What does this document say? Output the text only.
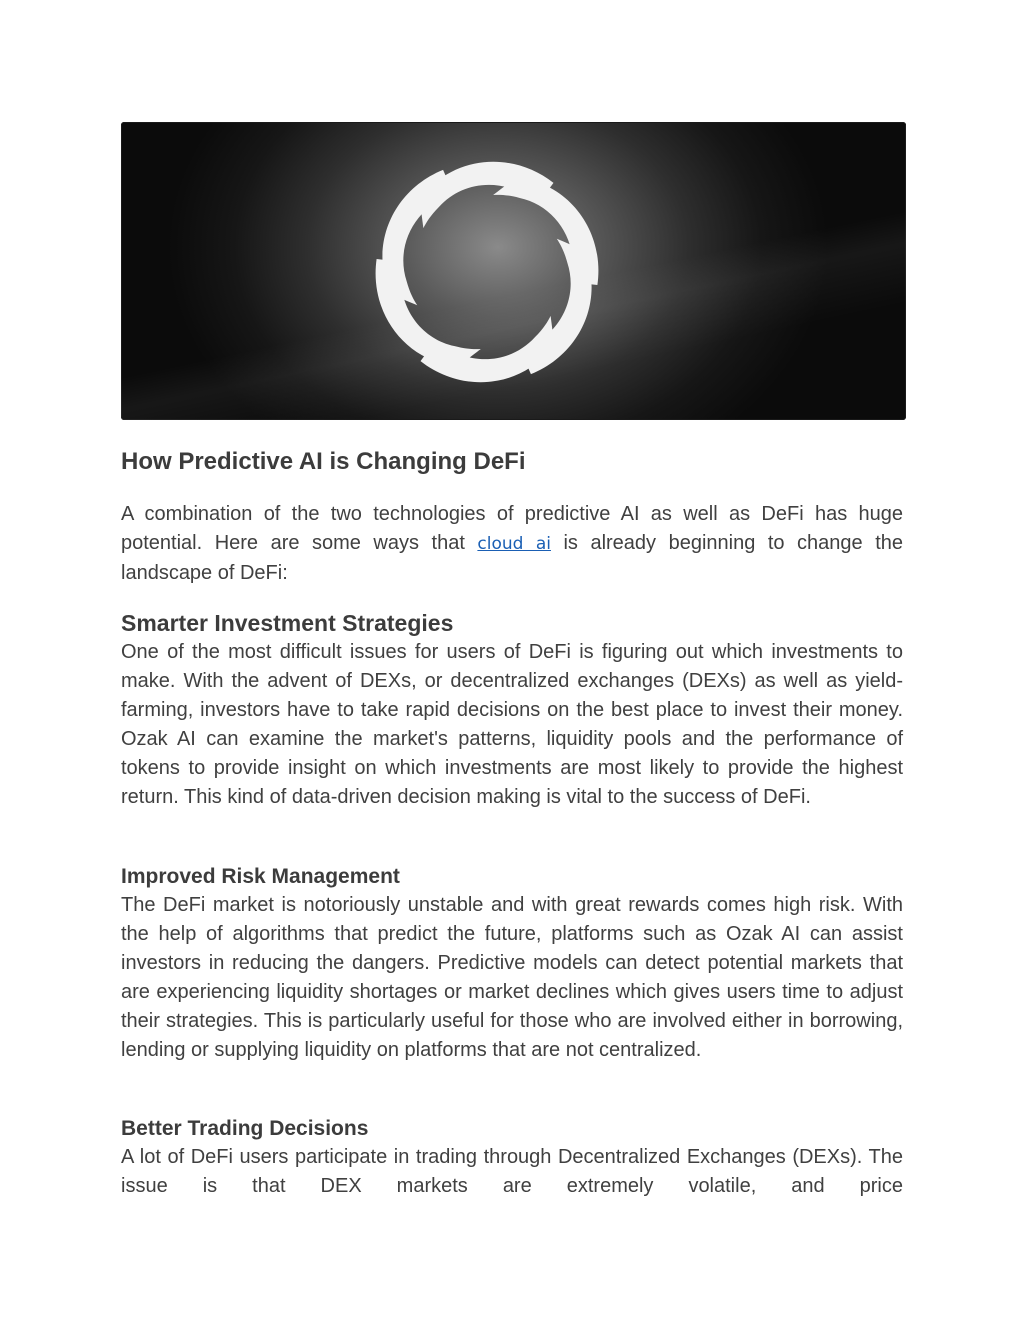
How Predictive AI is Changing DeFi

A combination of the two technologies of predictive AI as well as DeFi has huge potential. Here are some ways that cloud ai is already beginning to change the landscape of DeFi:

Smarter Investment Strategies

One of the most difficult issues for users of DeFi is figuring out which investments to make. With the advent of DEXs, or decentralized exchanges (DEXs) as well as yield-farming, investors have to take rapid decisions on the best place to invest their money. Ozak AI can examine the market's patterns, liquidity pools and the performance of tokens to provide insight on which investments are most likely to provide the highest return. This kind of data-driven decision making is vital to the success of DeFi.

Improved Risk Management

The DeFi market is notoriously unstable and with great rewards comes high risk. With the help of algorithms that predict the future, platforms such as Ozak AI can assist investors in reducing the dangers. Predictive models can detect potential markets that are experiencing liquidity shortages or market declines which gives users time to adjust their strategies. This is particularly useful for those who are involved either in borrowing, lending or supplying liquidity on platforms that are not centralized.

Better Trading Decisions

A lot of DeFi users participate in trading through Decentralized Exchanges (DEXs). The issue is that DEX markets are extremely volatile, and price
